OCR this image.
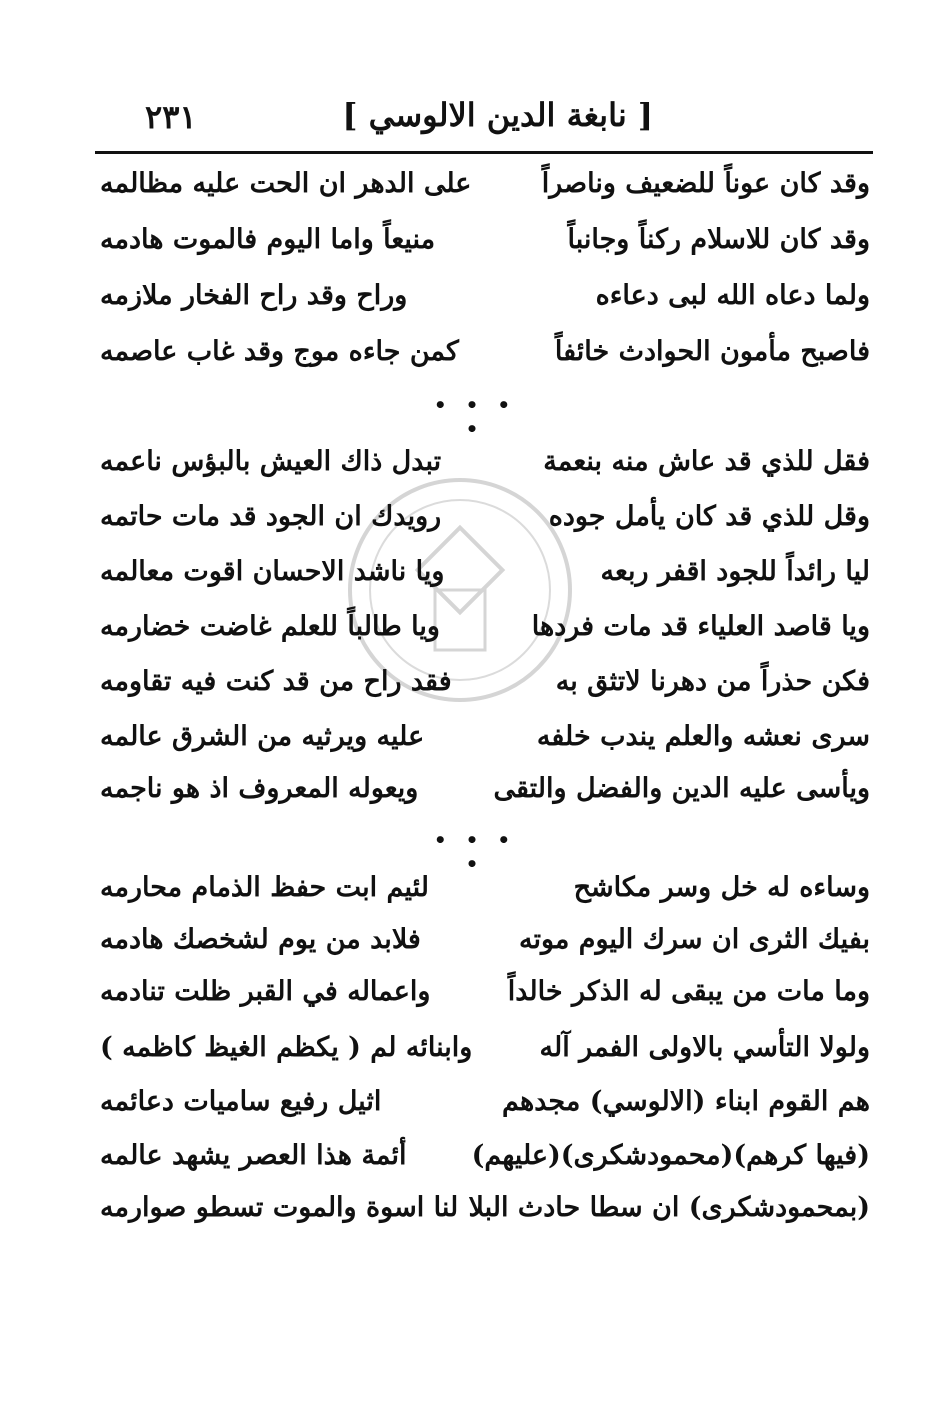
٢٣١	[ نابغة الدين الالوسي ]
وقد كان عوناً للضعيف وناصراً
على الدهر ان الحت عليه مظالمه
وقد كان للاسلام ركناً وجانباً
منيعاً واما اليوم فالموت هادمه
ولما دعاه الله لبى دعاءه
وراح وقد راح الفخار ملازمه
فاصبح مأمون الحوادث خائفاً
كمن جاءه موج وقد غاب عاصمه
• • • •
فقل للذي قد عاش منه بنعمة
تبدل ذاك العيش بالبؤس ناعمه
وقل للذي قد كان يأمل جوده
رويدك ان الجود قد مات حاتمه
ليا رائداً للجود اقفر ربعه
ويا ناشد الاحسان اقوت معالمه
ويا قاصد العلياء قد مات فردها
ويا طالباً للعلم غاضت خضارمه
فكن حذراً من دهرنا لاتثق به
فقد راح من قد كنت فيه تقاومه
سرى نعشه والعلم يندب خلفه
عليه ويرثيه من الشرق عالمه
ويأسى عليه الدين والفضل والتقى
ويعوله المعروف اذ هو ناجمه
• • • •
وساءه له خل وسر مكاشح
لئيم ابت حفظ الذمام محارمه
بفيك الثرى ان سرك اليوم موته
فلابد من يوم لشخصك هادمه
وما مات من يبقى له الذكر خالداً
واعماله في القبر ظلت تنادمه
ولولا التأسي بالاولى الفمر آله
وابنائه لم ( يكظم الغيظ كاظمه )
هم القوم ابناء (الالوسي) مجدهم
اثيل رفيع ساميات دعائمه
(فيها كرهم)(محمودشكرى)(عليهم)
أئمة هذا العصر يشهد عالمه
(بمحمودشكرى) ان سطا حادث البلا
لنا اسوة والموت تسطو صوارمه
